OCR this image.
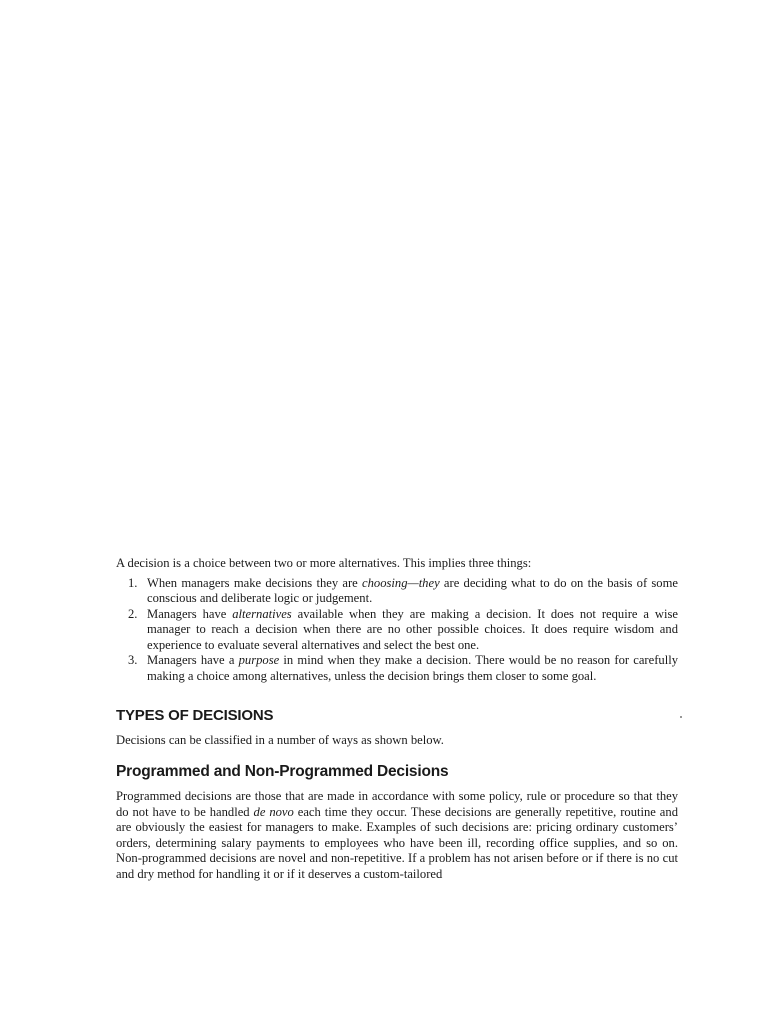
A decision is a choice between two or more alternatives. This implies three things:

1. When managers make decisions they are choosing—they are deciding what to do on the basis of some conscious and deliberate logic or judgement.
2. Managers have alternatives available when they are making a decision. It does not require a wise manager to reach a decision when there are no other possible choices. It does require wisdom and experience to evaluate several alternatives and select the best one.
3. Managers have a purpose in mind when they make a decision. There would be no reason for carefully making a choice among alternatives, unless the decision brings them closer to some goal.
TYPES OF DECISIONS

Decisions can be classified in a number of ways as shown below.

Programmed and Non-Programmed Decisions

Programmed decisions are those that are made in accordance with some policy, rule or procedure so that they do not have to be handled de novo each time they occur. These decisions are generally repetitive, routine and are obviously the easiest for managers to make. Examples of such decisions are: pricing ordinary customers’ orders, determining salary payments to employees who have been ill, recording office supplies, and so on. Non-programmed decisions are novel and non-repetitive. If a problem has not arisen before or if there is no cut and dry method for handling it or if it deserves a custom-tailored
